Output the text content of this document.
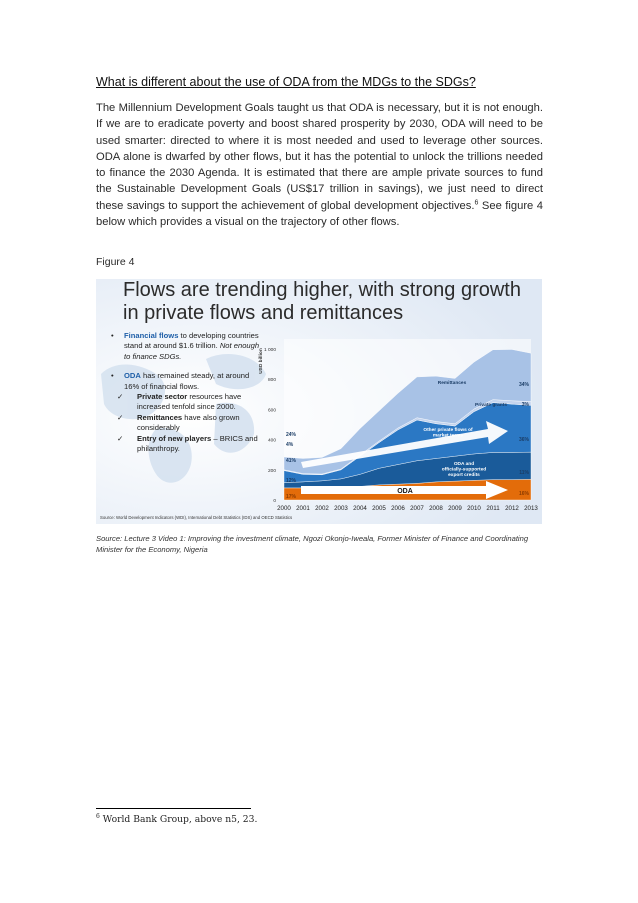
What is different about the use of ODA from the MDGs to the SDGs?
The Millennium Development Goals taught us that ODA is necessary, but it is not enough. If we are to eradicate poverty and boost shared prosperity by 2030, ODA will need to be used smarter: directed to where it is most needed and used to leverage other sources. ODA alone is dwarfed by other flows, but it has the potential to unlock the trillions needed to finance the 2030 Agenda. It is estimated that there are ample private sources to fund the Sustainable Development Goals (US$17 trillion in savings), we just need to direct these savings to support the achievement of global development objectives.$^6$ See figure 4 below which provides a visual on the trajectory of other flows.
Figure 4
Flows are trending higher, with strong growth
in private flows and remittances
• Financial flows to developing countries stand at around $1.6 trillion. Not enough to finance SDGs.
• ODA has remained steady, at around 16% of financial flows.
✓ Private sector resources have increased tenfold since 2000.
✓ Remittances have also grown considerably
✓ Entry of new players – BRICS and philanthropy.
24%
4%
41%
12%
17%
34%
3%
36%
11%
16%
Remittances
Private grants
Other private flows of market terms
ODA and officially-supported export credits
ODA
0
200
400
600
800
1 000
USD billion
2000 2001 2002 2003 2004 2005 2006 2007 2008 2009 2010 2011 2012 2013
Source: World Development Indicators (WDI), International Debt Statistics (IDS) and OECD Statistics
Source: Lecture 3 Video 1: Improving the investment climate, Ngozi Okonjo-Iweala, Former Minister of Finance and Coordinating Minister for the Economy, Nigeria
$^6$ World Bank Group, above n5, 23.
